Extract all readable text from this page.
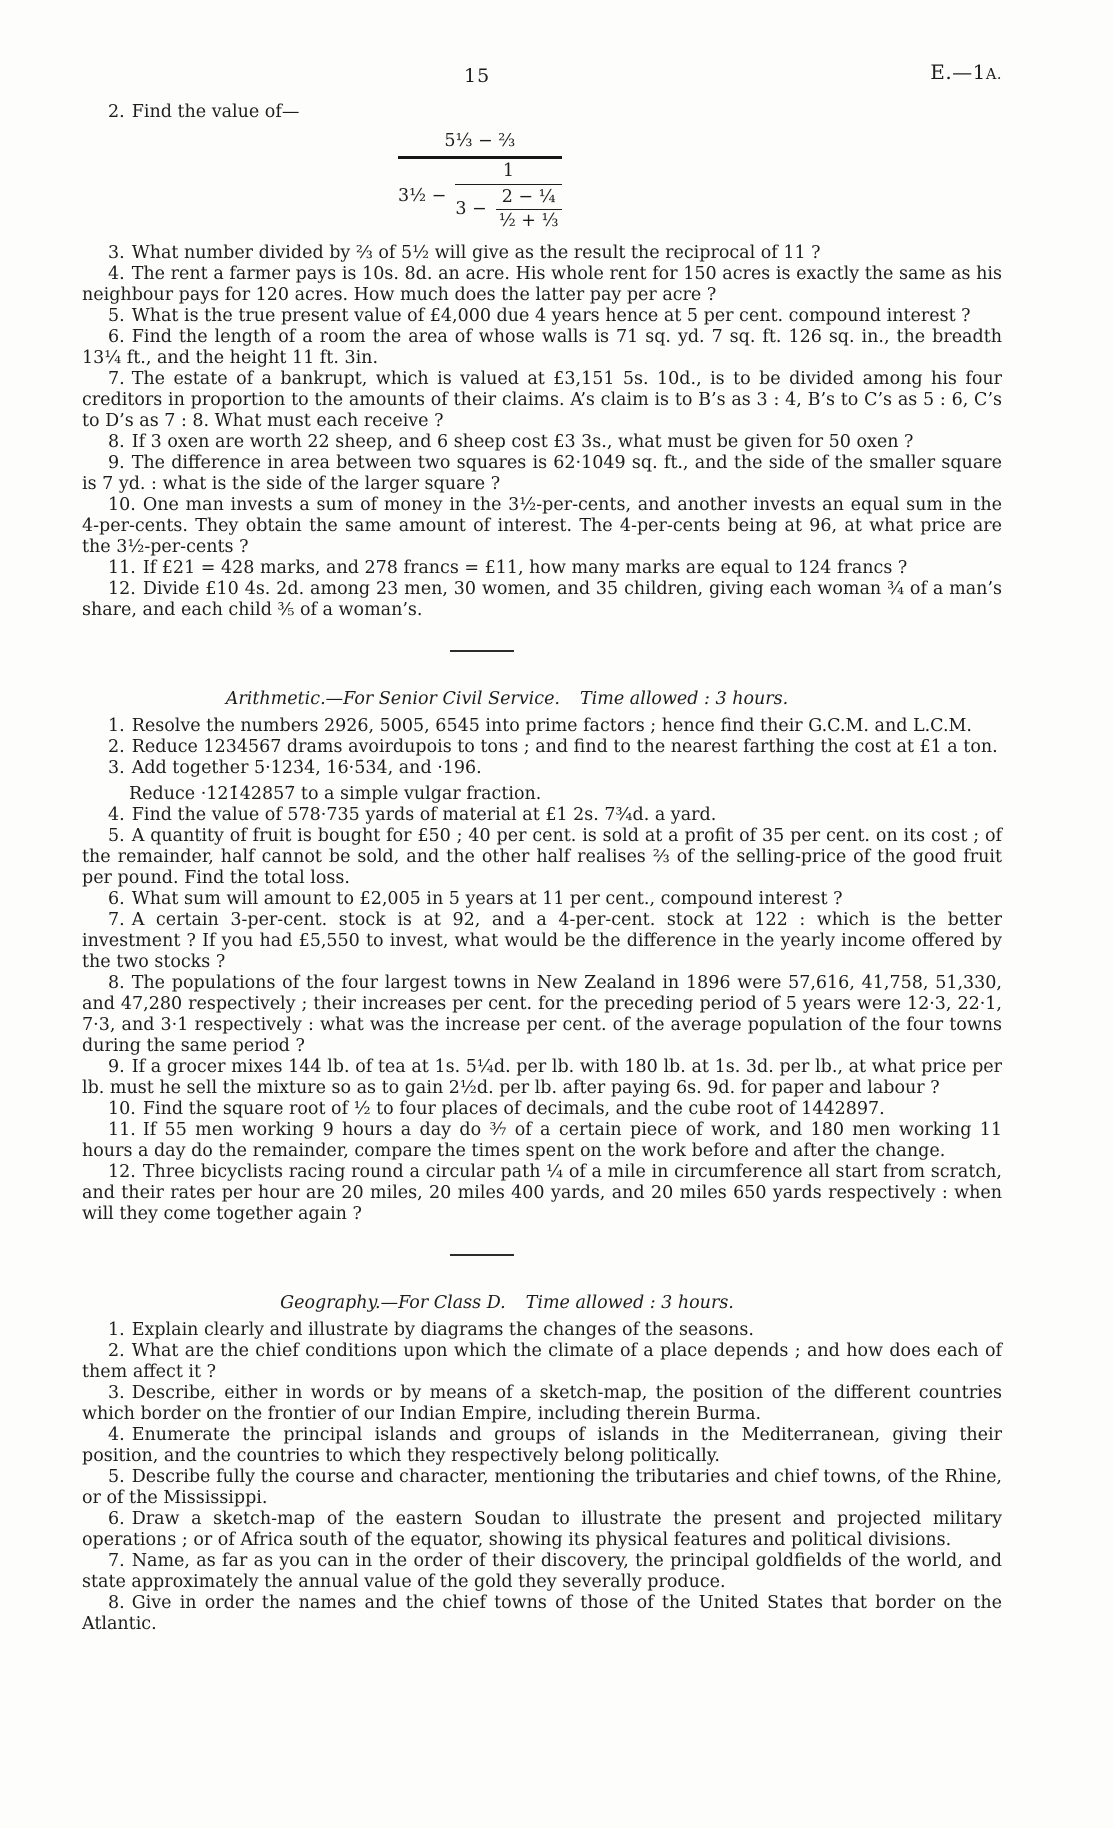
15	E.—1A.

2. Find the value of—

5⅓ − ⅔
3½ − $\frac{1}{3 - \frac{\text{2 − ¼}}{\text{½ + ⅓}}}$

3. What number divided by ⅔ of 5½ will give as the result the reciprocal of 11 ?

4. The rent a farmer pays is 10s. 8d. an acre. His whole rent for 150 acres is exactly the same as his neighbour pays for 120 acres. How much does the latter pay per acre ?

5. What is the true present value of £4,000 due 4 years hence at 5 per cent. compound interest ?

6. Find the length of a room the area of whose walls is 71 sq. yd. 7 sq. ft. 126 sq. in., the breadth 13¼ ft., and the height 11 ft. 3in.

7. The estate of a bankrupt, which is valued at £3,151 5s. 10d., is to be divided among his four creditors in proportion to the amounts of their claims. A’s claim is to B’s as 3 : 4, B’s to C’s as 5 : 6, C’s to D’s as 7 : 8. What must each receive ?

8. If 3 oxen are worth 22 sheep, and 6 sheep cost £3 3s., what must be given for 50 oxen ?

9. The difference in area between two squares is 62·1049 sq. ft., and the side of the smaller square is 7 yd. : what is the side of the larger square ?

10. One man invests a sum of money in the 3½-per-cents, and another invests an equal sum in the 4-per-cents. They obtain the same amount of interest. The 4-per-cents being at 96, at what price are the 3½-per-cents ?

11. If £21 = 428 marks, and 278 francs = £11, how many marks are equal to 124 francs ?

12. Divide £10 4s. 2d. among 23 men, 30 women, and 35 children, giving each woman ¾ of a man’s share, and each child ⅗ of a woman’s.

Arithmetic.—For Senior Civil Service. Time allowed : 3 hours.

1. Resolve the numbers 2926, 5005, 6545 into prime factors ; hence find their G.C.M. and L.C.M.

2. Reduce 1234567 drams avoirdupois to tons ; and find to the nearest farthing the cost at £1 a ton.

3. Add together 5·123̇4̇, 16·5̇34̇, and ·196̇.

Reduce ·121̇42857̇ to a simple vulgar fraction.

4. Find the value of 578·735 yards of material at £1 2s. 7¾d. a yard.

5. A quantity of fruit is bought for £50 ; 40 per cent. is sold at a profit of 35 per cent. on its cost ; of the remainder, half cannot be sold, and the other half realises ⅔ of the selling-price of the good fruit per pound. Find the total loss.

6. What sum will amount to £2,005 in 5 years at 11 per cent., compound interest ?

7. A certain 3-per-cent. stock is at 92, and a 4-per-cent. stock at 122 : which is the better investment ? If you had £5,550 to invest, what would be the difference in the yearly income offered by the two stocks ?

8. The populations of the four largest towns in New Zealand in 1896 were 57,616, 41,758, 51,330, and 47,280 respectively ; their increases per cent. for the preceding period of 5 years were 12·3, 22·1, 7·3, and 3·1 respectively : what was the increase per cent. of the average population of the four towns during the same period ?

9. If a grocer mixes 144 lb. of tea at 1s. 5¼d. per lb. with 180 lb. at 1s. 3d. per lb., at what price per lb. must he sell the mixture so as to gain 2½d. per lb. after paying 6s. 9d. for paper and labour ?

10. Find the square root of ½ to four places of decimals, and the cube root of 1442897.

11. If 55 men working 9 hours a day do ³⁄₇ of a certain piece of work, and 180 men working 11 hours a day do the remainder, compare the times spent on the work before and after the change.

12. Three bicyclists racing round a circular path ¼ of a mile in circumference all start from scratch, and their rates per hour are 20 miles, 20 miles 400 yards, and 20 miles 650 yards respectively : when will they come together again ?

Geography.—For Class D. Time allowed : 3 hours.

1. Explain clearly and illustrate by diagrams the changes of the seasons.

2. What are the chief conditions upon which the climate of a place depends ; and how does each of them affect it ?

3. Describe, either in words or by means of a sketch-map, the position of the different countries which border on the frontier of our Indian Empire, including therein Burma.

4. Enumerate the principal islands and groups of islands in the Mediterranean, giving their position, and the countries to which they respectively belong politically.

5. Describe fully the course and character, mentioning the tributaries and chief towns, of the Rhine, or of the Mississippi.

6. Draw a sketch-map of the eastern Soudan to illustrate the present and projected military operations ; or of Africa south of the equator, showing its physical features and political divisions.

7. Name, as far as you can in the order of their discovery, the principal goldfields of the world, and state approximately the annual value of the gold they severally produce.

8. Give in order the names and the chief towns of those of the United States that border on the Atlantic.
